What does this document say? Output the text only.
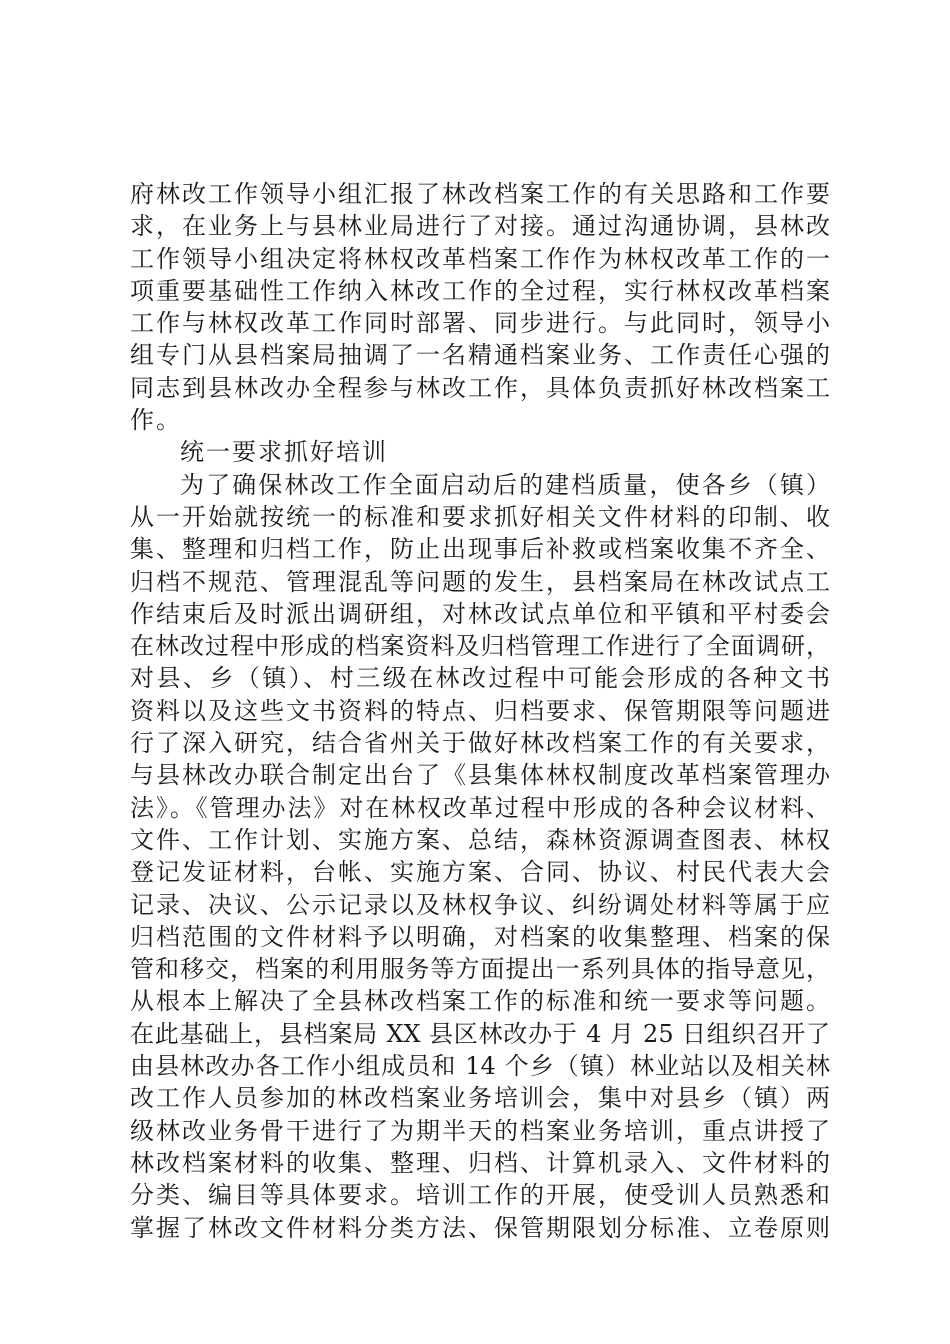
府林改工作领导小组汇报了林改档案工作的有关思路和工作要
求，在业务上与县林业局进行了对接。通过沟通协调，县林改
工作领导小组决定将林权改革档案工作作为林权改革工作的一
项重要基础性工作纳入林改工作的全过程，实行林权改革档案
工作与林权改革工作同时部署、同步进行。与此同时，领导小
组专门从县档案局抽调了一名精通档案业务、工作责任心强的
同志到县林改办全程参与林改工作，具体负责抓好林改档案工
作。
统一要求抓好培训
为了确保林改工作全面启动后的建档质量，使各乡（镇）
从一开始就按统一的标准和要求抓好相关文件材料的印制、收
集、整理和归档工作，防止出现事后补救或档案收集不齐全、
归档不规范、管理混乱等问题的发生，县档案局在林改试点工
作结束后及时派出调研组，对林改试点单位和平镇和平村委会
在林改过程中形成的档案资料及归档管理工作进行了全面调研，
对县、乡（镇）、村三级在林改过程中可能会形成的各种文书
资料以及这些文书资料的特点、归档要求、保管期限等问题进
行了深入研究，结合省州关于做好林改档案工作的有关要求，
与县林改办联合制定出台了《县集体林权制度改革档案管理办
法》。《管理办法》对在林权改革过程中形成的各种会议材料、
文件、工作计划、实施方案、总结，森林资源调查图表、林权
登记发证材料，台帐、实施方案、合同、协议、村民代表大会
记录、决议、公示记录以及林权争议、纠纷调处材料等属于应
归档范围的文件材料予以明确，对档案的收集整理、档案的保
管和移交，档案的利用服务等方面提出一系列具体的指导意见，
从根本上解决了全县林改档案工作的标准和统一要求等问题。
在此基础上，县档案局 XX 县区林改办于 4 月 25 日组织召开了
由县林改办各工作小组成员和 14 个乡（镇）林业站以及相关林
改工作人员参加的林改档案业务培训会，集中对县乡（镇）两
级林改业务骨干进行了为期半天的档案业务培训，重点讲授了
林改档案材料的收集、整理、归档、计算机录入、文件材料的
分类、编目等具体要求。培训工作的开展，使受训人员熟悉和
掌握了林改文件材料分类方法、保管期限划分标准、立卷原则
